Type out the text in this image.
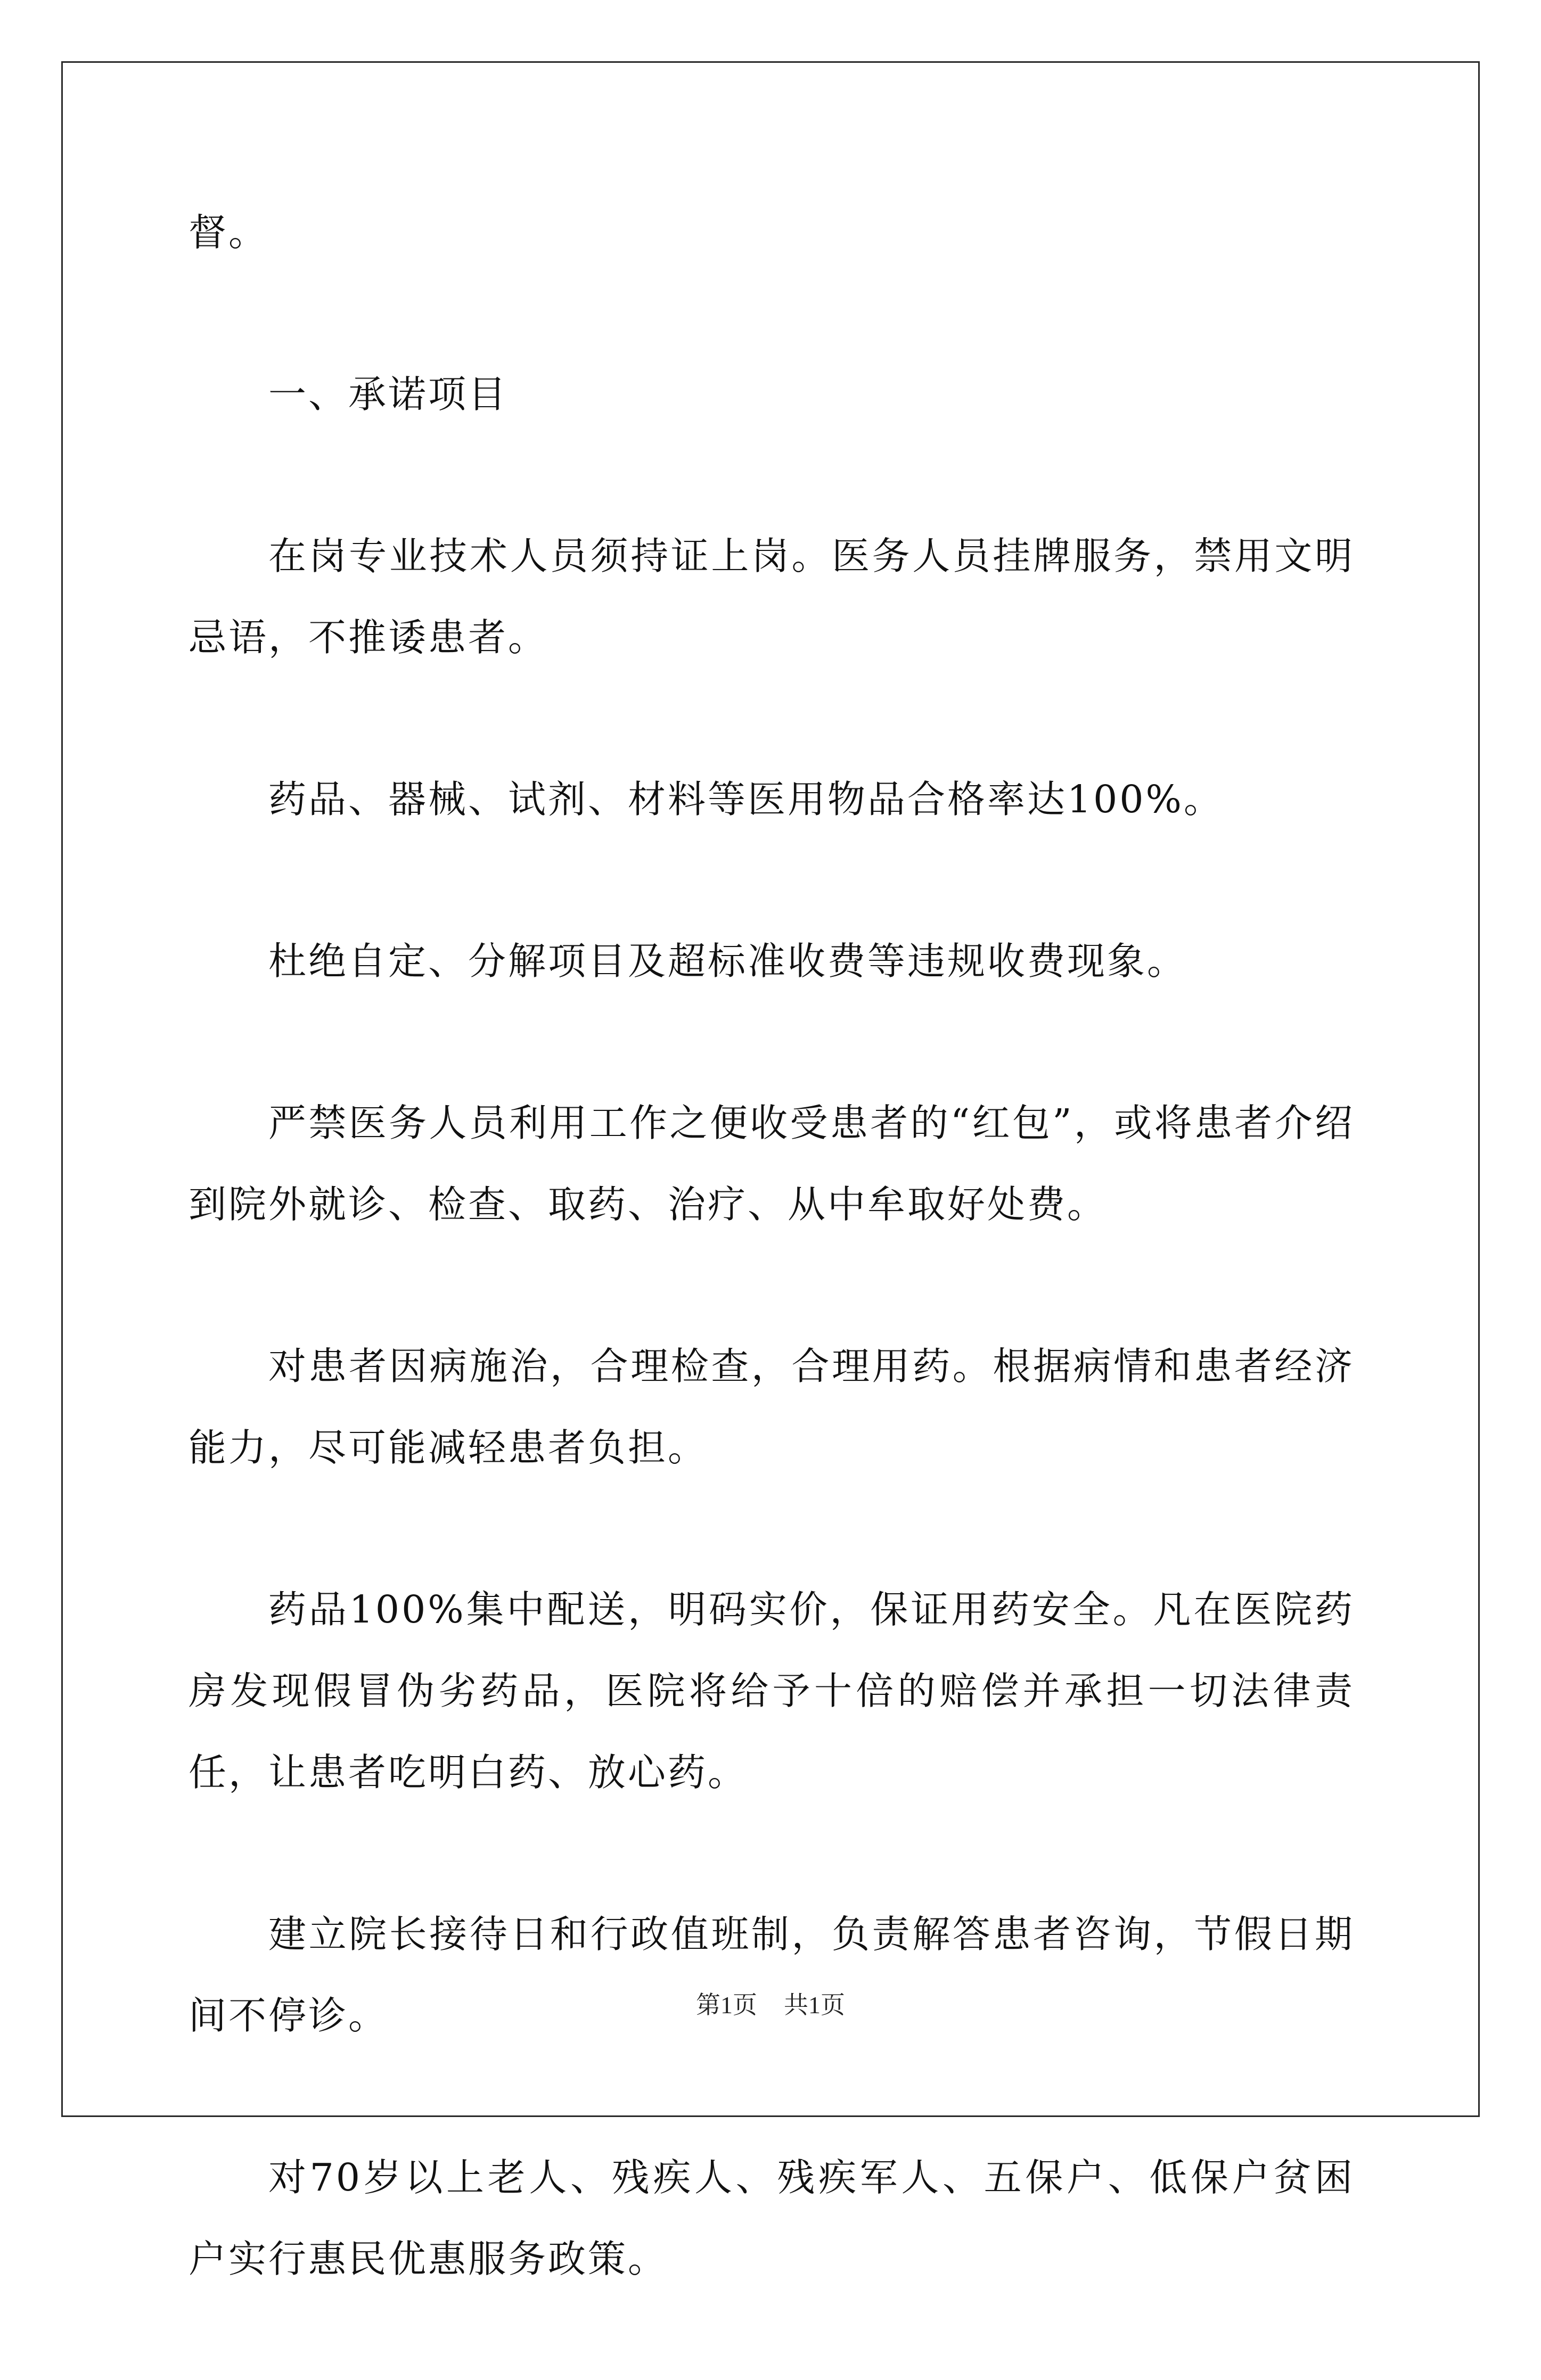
督。

一、承诺项目

在岗专业技术人员须持证上岗。医务人员挂牌服务，禁用文明忌语，不推诿患者。

药品、器械、试剂、材料等医用物品合格率达100%。

杜绝自定、分解项目及超标准收费等违规收费现象。

严禁医务人员利用工作之便收受患者的“红包”，或将患者介绍到院外就诊、检查、取药、治疗、从中牟取好处费。

对患者因病施治，合理检查，合理用药。根据病情和患者经济能力，尽可能减轻患者负担。

药品100%集中配送，明码实价，保证用药安全。凡在医院药房发现假冒伪劣药品，医院将给予十倍的赔偿并承担一切法律责任，让患者吃明白药、放心药。

建立院长接待日和行政值班制，负责解答患者咨询，节假日期间不停诊。

对70岁以上老人、残疾人、残疾军人、五保户、低保户贫困户实行惠民优惠服务政策。

第1页 共1页
